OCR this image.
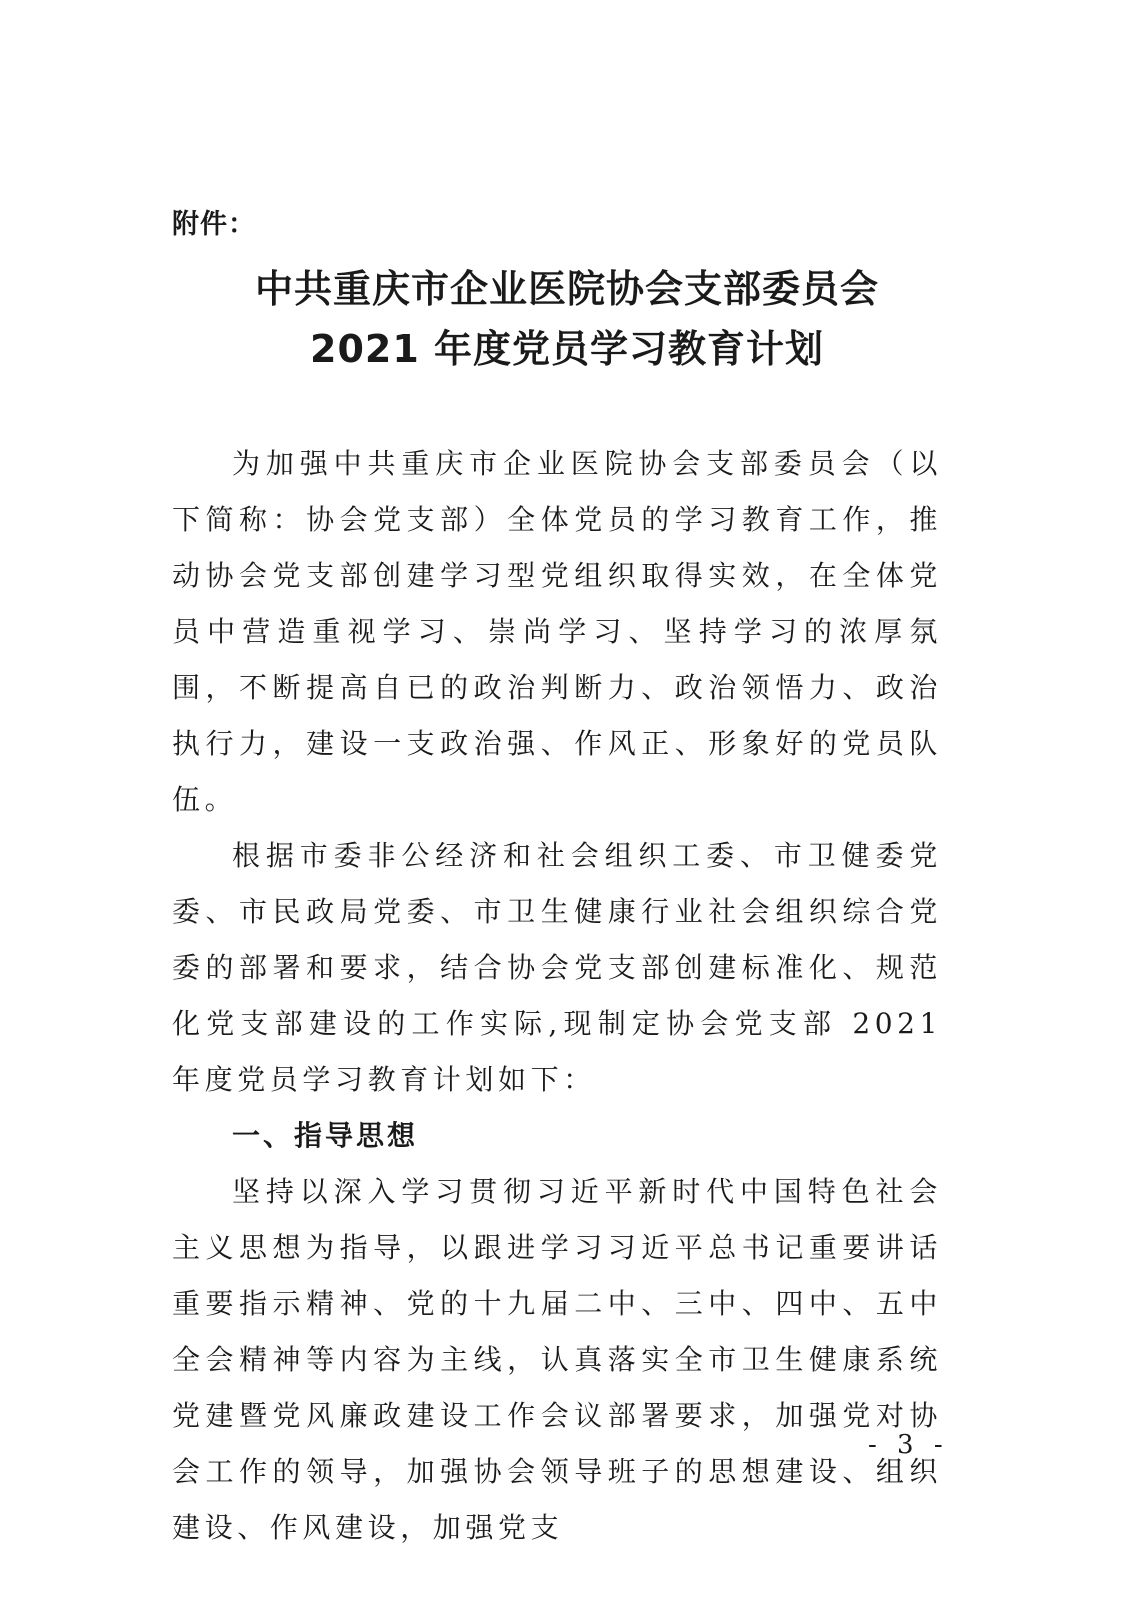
附件：
中共重庆市企业医院协会支部委员会
2021 年度党员学习教育计划

为加强中共重庆市企业医院协会支部委员会（以下简称：协会党支部）全体党员的学习教育工作，推动协会党支部创建学习型党组织取得实效，在全体党员中营造重视学习、崇尚学习、坚持学习的浓厚氛围，不断提高自已的政治判断力、政治领悟力、政治执行力，建设一支政治强、作风正、形象好的党员队伍。

根据市委非公经济和社会组织工委、市卫健委党委、市民政局党委、市卫生健康行业社会组织综合党委的部署和要求，结合协会党支部创建标准化、规范化党支部建设的工作实际,现制定协会党支部 2021 年度党员学习教育计划如下：

一、指导思想

坚持以深入学习贯彻习近平新时代中国特色社会主义思想为指导，以跟进学习习近平总书记重要讲话重要指示精神、党的十九届二中、三中、四中、五中全会精神等内容为主线，认真落实全市卫生健康系统党建暨党风廉政建设工作会议部署要求，加强党对协会工作的领导，加强协会领导班子的思想建设、组织建设、作风建设，加强党支

- 3 -
